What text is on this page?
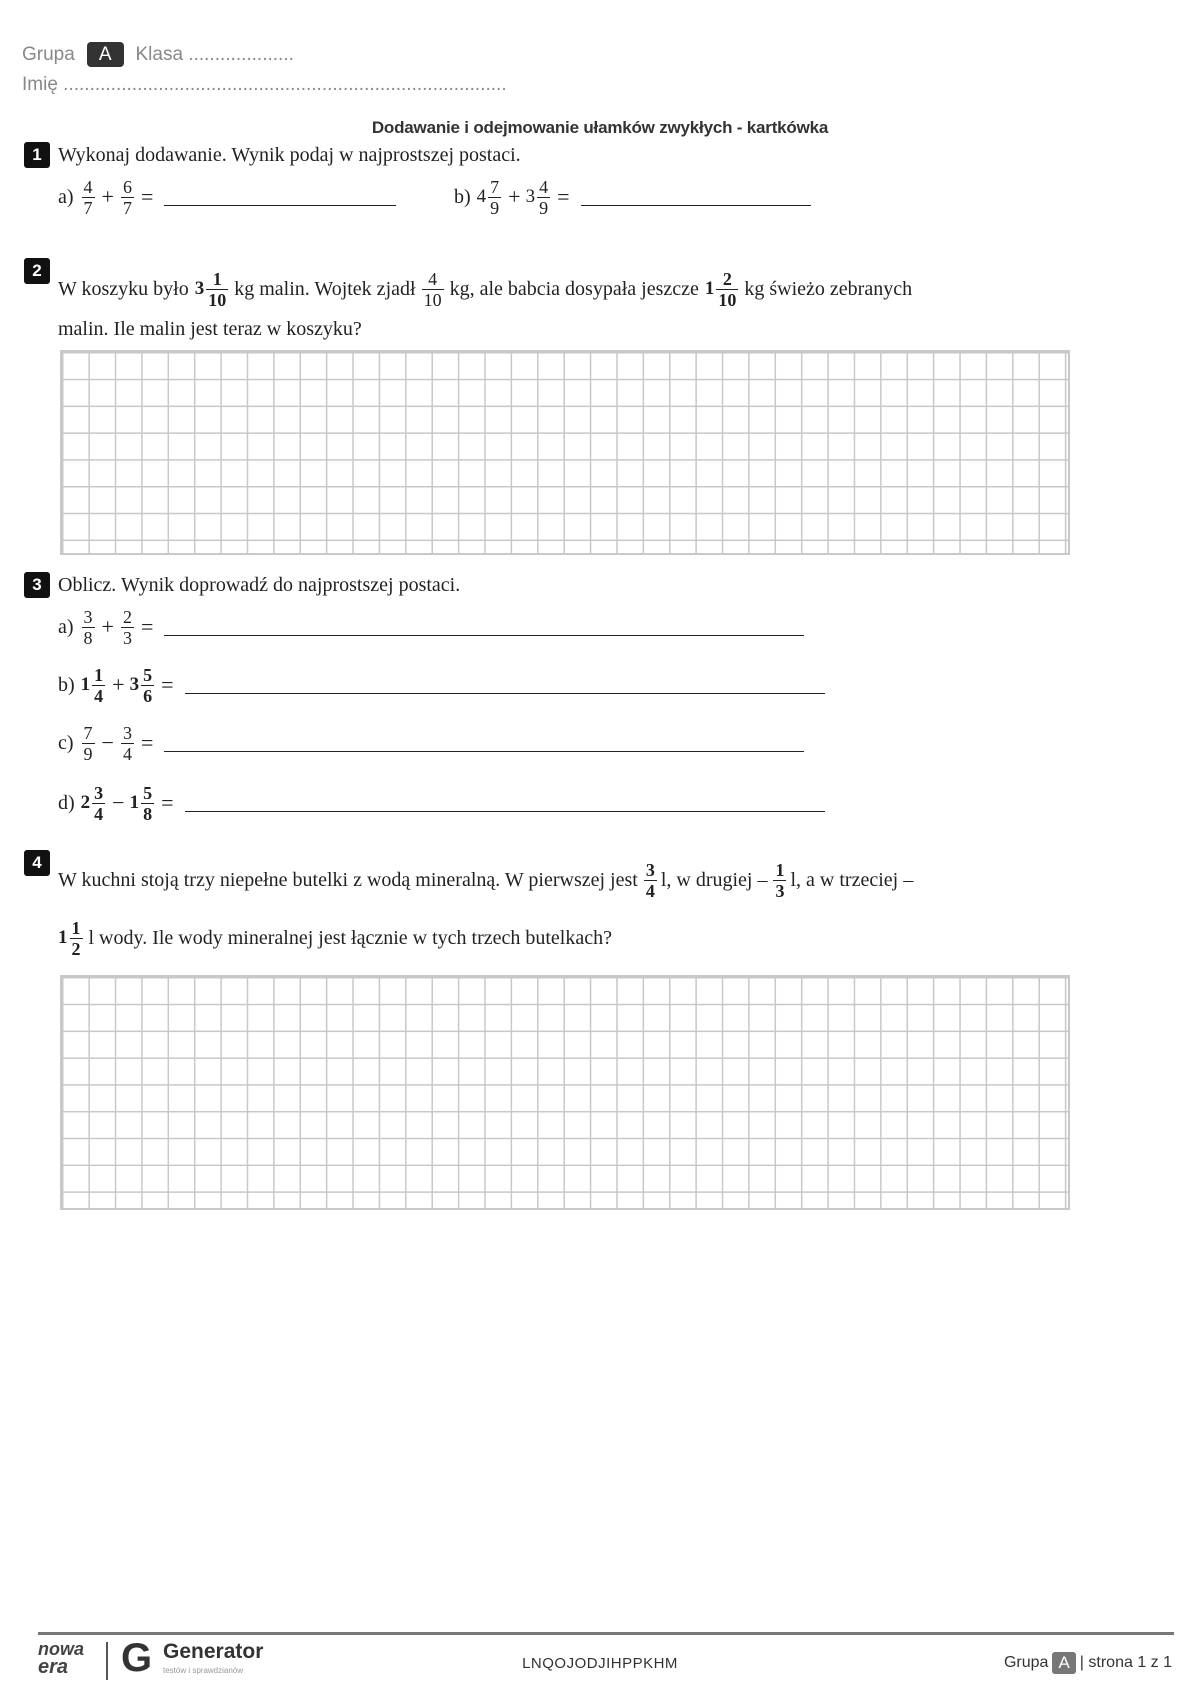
Grupa	A	Klasa ....................
Imię ....................................................................................
Dodawanie i odejmowanie ułamków zwykłych - kartkówka
1 Wykonaj dodawanie. Wynik podaj w najprostszej postaci.
$a) \frac{4}{7} + \frac{6}{7}$ =	b) $4 \frac{7}{9} + 3 \frac{4}{9}$ =
2
W koszyku było $3 \frac{1}{10}$ kg malin. Wojtek zjadł $\frac{4}{10}$ kg, ale babcia dosypała jeszcze $1 \frac{2}{10}$ kg świeżo zebranych
malin. Ile malin jest teraz w koszyku?
3 Oblicz. Wynik doprowadź do najprostszej postaci.
$a) \frac{3}{8} + \frac{2}{3}$ =
b) $1 \frac{1}{4} + 3 \frac{5}{6}$ =
$c) \frac{7}{9} - \frac{3}{4}$ =
d) $2 \frac{3}{4} - 1 \frac{5}{8}$ =
4
W kuchni stoją trzy niepełne butelki z wodą mineralną. W pierwszej jest $\frac{3}{4} l$, w drugiej – $\frac{1}{3} l$, a w trzeciej –
$1 \frac{1}{2}$ l wody. Ile wody mineralnej jest łącznie w tych trzech butelkach?
nowa
era	G Generator
testów i sprawdzianów	LNQOJODJIHPPKHM	Grupa A | strona 1 z 1
